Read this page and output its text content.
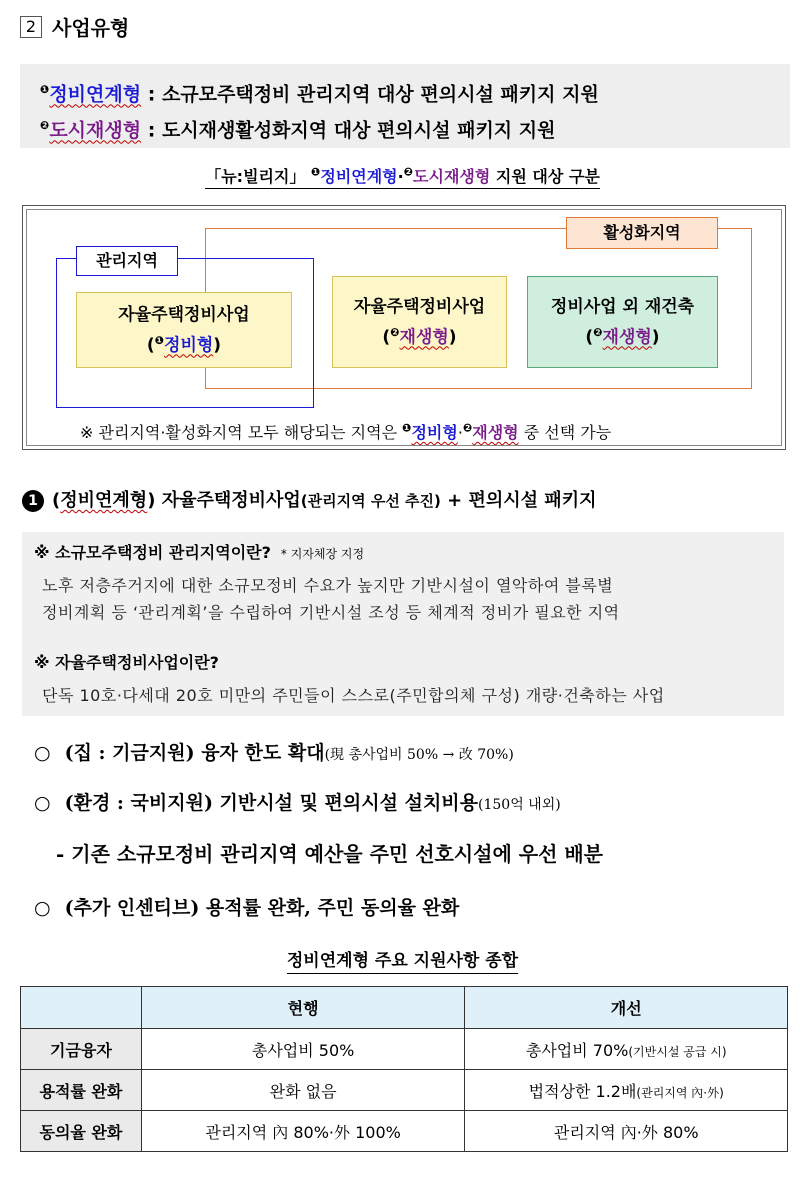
2 사업유형
$^❶$정비연계형 : 소규모주택정비 관리지역 대상 편의시설 패키지 지원
$^❷$도시재생형 : 도시재생활성화지역 대상 편의시설 패키지 지원
「뉴:빌리지」 $^❶$정비연계형·$^❷$도시재생형 지원 대상 구분
관리지역
활성화지역
자율주택정비사업
($^❶$정비형)
자율주택정비사업
($^❷$재생형)
정비사업 외 재건축
($^❷$재생형)
※ 관리지역·활성화지역 모두 해당되는 지역은 $^❶$정비형·$^❷$재생형 중 선택 가능
1 (정비연계형) 자율주택정비사업(관리지역 우선 추진) + 편의시설 패키지
※ 소규모주택정비 관리지역이란? * 지자체장 지정
노후 저층주거지에 대한 소규모정비 수요가 높지만 기반시설이 열악하여 블록별
정비계획 등 ‘관리계획’을 수립하여 기반시설 조성 등 체계적 정비가 필요한 지역
※ 자율주택정비사업이란?
단독 10호·다세대 20호 미만의 주민들이 스스로(주민합의체 구성) 개량·건축하는 사업
○ (집 : 기금지원) 융자 한도 확대(現 총사업비 50% → 改 70%)
○ (환경 : 국비지원) 기반시설 및 편의시설 설치비용(150억 내외)
- 기존 소규모정비 관리지역 예산을 주민 선호시설에 우선 배분
○ (추가 인센티브) 용적률 완화, 주민 동의율 완화
정비연계형 주요 지원사항 종합
	현행	개선
기금융자	총사업비 50%	총사업비 70%(기반시설 공급 시)
용적률 완화	완화 없음	법적상한 1.2배(관리지역 內·外)
동의율 완화	관리지역 內 80%·外 100%	관리지역 內·外 80%
